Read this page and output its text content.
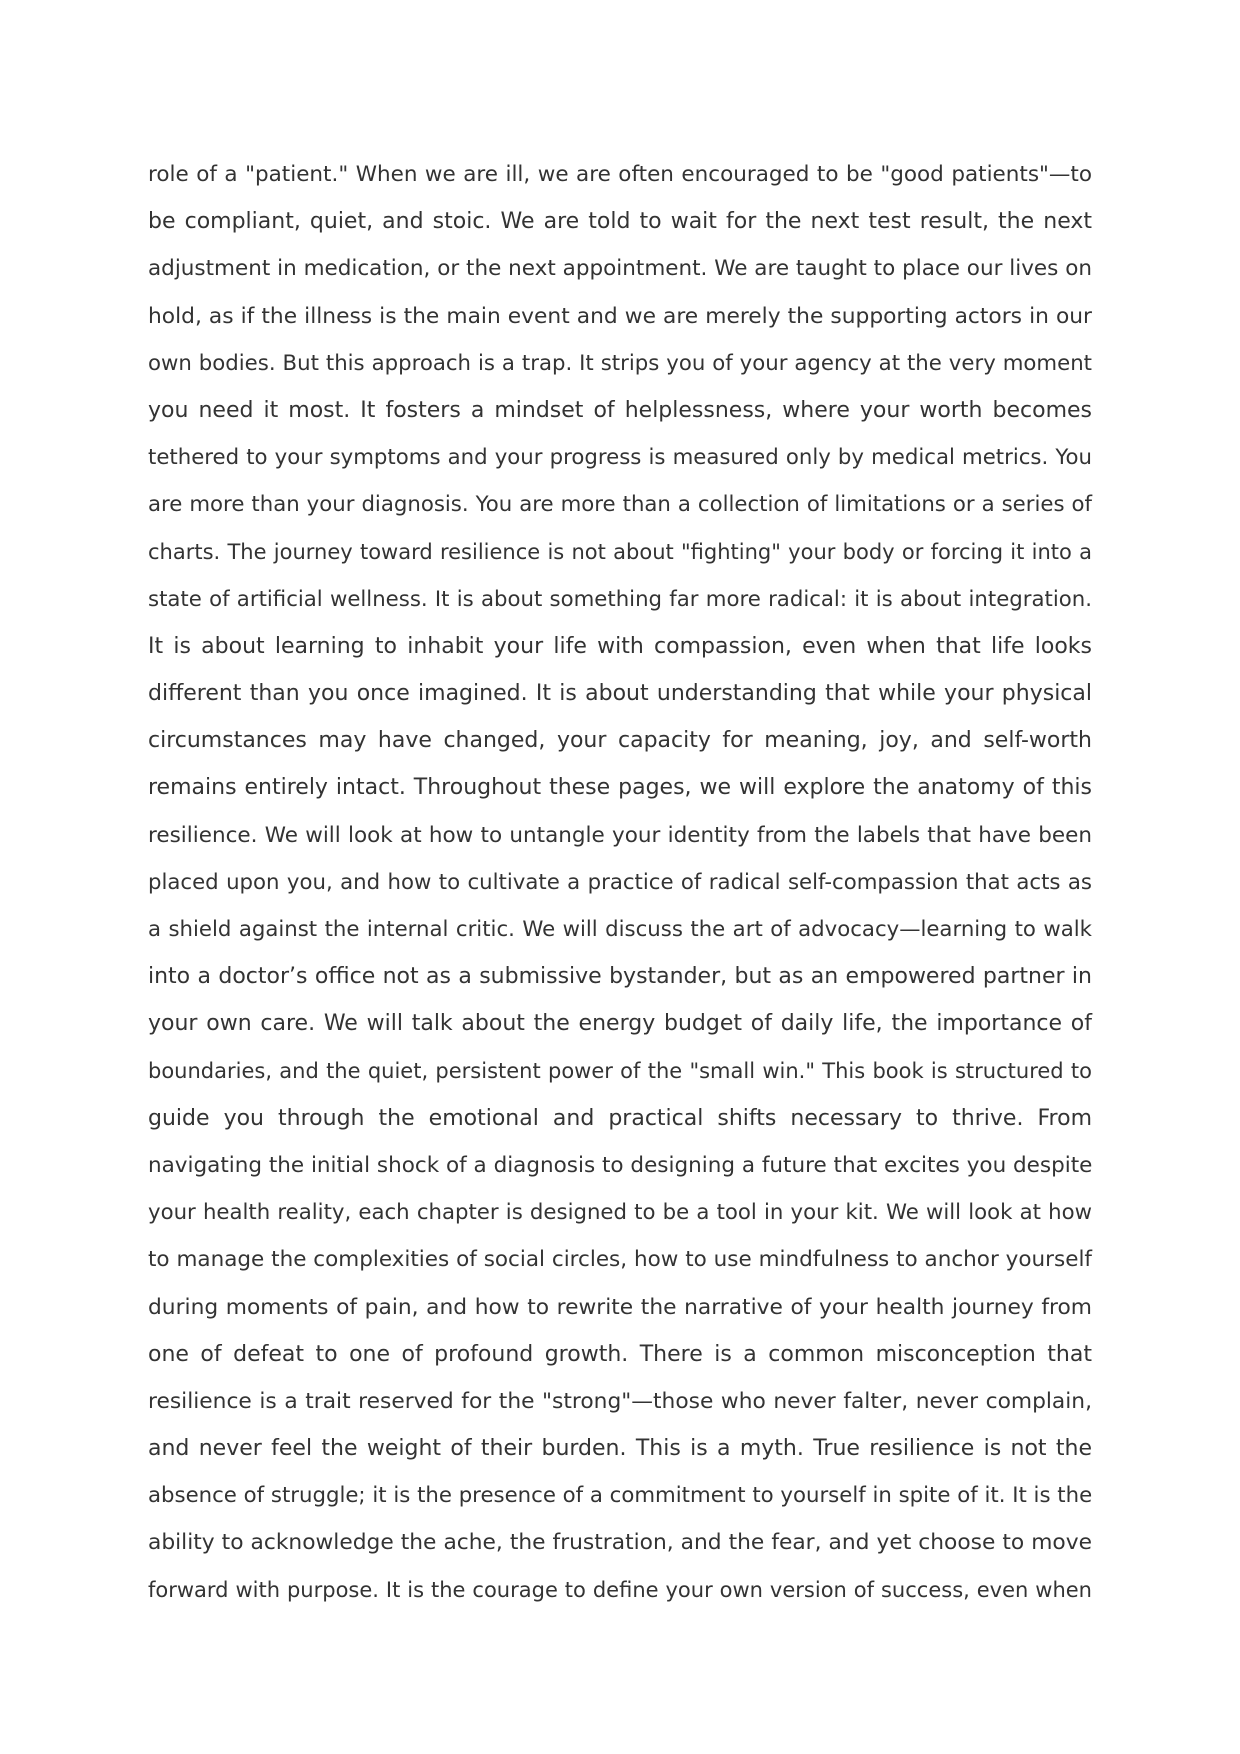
role of a "patient." When we are ill, we are often encouraged to be "good patients"—to
be compliant, quiet, and stoic. We are told to wait for the next test result, the next
adjustment in medication, or the next appointment. We are taught to place our lives on
hold, as if the illness is the main event and we are merely the supporting actors in our
own bodies. But this approach is a trap. It strips you of your agency at the very moment
you need it most. It fosters a mindset of helplessness, where your worth becomes
tethered to your symptoms and your progress is measured only by medical metrics. You
are more than your diagnosis. You are more than a collection of limitations or a series of
charts. The journey toward resilience is not about "fighting" your body or forcing it into a
state of artificial wellness. It is about something far more radical: it is about integration.
It is about learning to inhabit your life with compassion, even when that life looks
different than you once imagined. It is about understanding that while your physical
circumstances may have changed, your capacity for meaning, joy, and self-worth
remains entirely intact. Throughout these pages, we will explore the anatomy of this
resilience. We will look at how to untangle your identity from the labels that have been
placed upon you, and how to cultivate a practice of radical self-compassion that acts as
a shield against the internal critic. We will discuss the art of advocacy—learning to walk
into a doctor’s office not as a submissive bystander, but as an empowered partner in
your own care. We will talk about the energy budget of daily life, the importance of
boundaries, and the quiet, persistent power of the "small win." This book is structured to
guide you through the emotional and practical shifts necessary to thrive. From
navigating the initial shock of a diagnosis to designing a future that excites you despite
your health reality, each chapter is designed to be a tool in your kit. We will look at how
to manage the complexities of social circles, how to use mindfulness to anchor yourself
during moments of pain, and how to rewrite the narrative of your health journey from
one of defeat to one of profound growth. There is a common misconception that
resilience is a trait reserved for the "strong"—those who never falter, never complain,
and never feel the weight of their burden. This is a myth. True resilience is not the
absence of struggle; it is the presence of a commitment to yourself in spite of it. It is the
ability to acknowledge the ache, the frustration, and the fear, and yet choose to move
forward with purpose. It is the courage to define your own version of success, even when
